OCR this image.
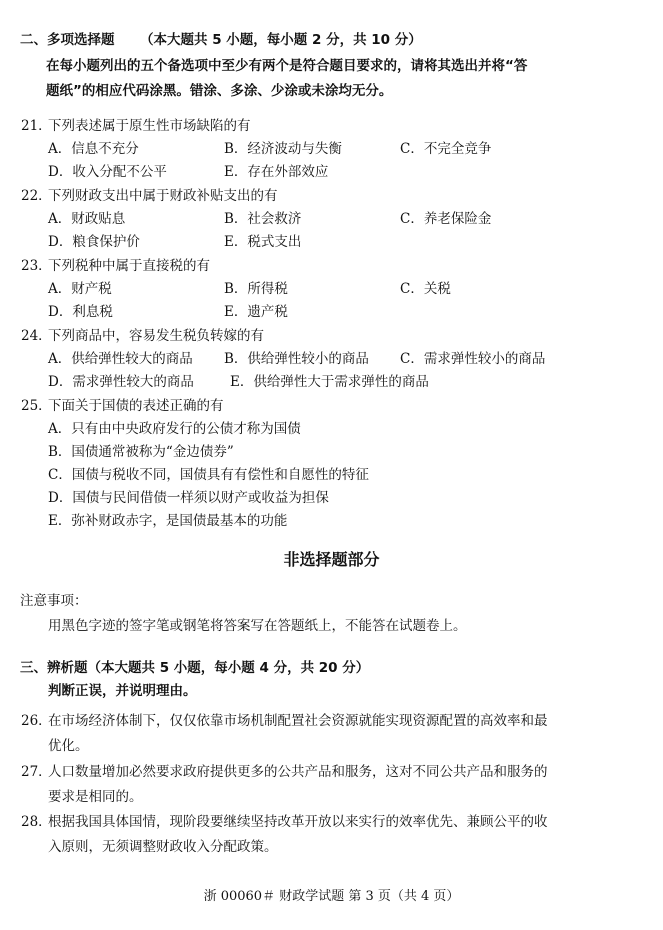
二、多项选择题 （本大题共 5 小题，每小题 2 分，共 10 分）
在每小题列出的五个备选项中至少有两个是符合题目要求的，请将其选出并将“答
题纸”的相应代码涂黑。错涂、多涂、少涂或未涂均无分。
21．
下列表述属于原生性市场缺陷的有
A．信息不充分	B．经济波动与失衡	C．不完全竞争
D．收入分配不公平	E．存在外部效应
22．
下列财政支出中属于财政补贴支出的有
A．财政贴息	B．社会救济	C．养老保险金
D．粮食保护价	E．税式支出
23．
下列税种中属于直接税的有
A．财产税	B．所得税	C．关税
D．利息税	E．遗产税
24．
下列商品中，容易发生税负转嫁的有
A．供给弹性较大的商品 B．供给弹性较小的商品 C．需求弹性较小的商品
D．需求弹性较大的商品	E．供给弹性大于需求弹性的商品
25．
下面关于国债的表述正确的有
A．只有由中央政府发行的公债才称为国债
B．国债通常被称为“金边债券”
C．国债与税收不同，国债具有有偿性和自愿性的特征
D．国债与民间借债一样须以财产或收益为担保
E．弥补财政赤字，是国债最基本的功能
非选择题部分
注意事项：
用黑色字迹的签字笔或钢笔将答案写在答题纸上，不能答在试题卷上。
三、辨析题（本大题共 5 小题，每小题 4 分，共 20 分）
判断正误，并说明理由。
26．
在市场经济体制下，仅仅依靠市场机制配置社会资源就能实现资源配置的高效率和最
优化。
27．
人口数量增加必然要求政府提供更多的公共产品和服务，这对不同公共产品和服务的
要求是相同的。
28．
根据我国具体国情，现阶段要继续坚持改革开放以来实行的效率优先、兼顾公平的收
入原则，无须调整财政收入分配政策。
浙 00060＃ 财政学试题 第 3 页（共 4 页）
